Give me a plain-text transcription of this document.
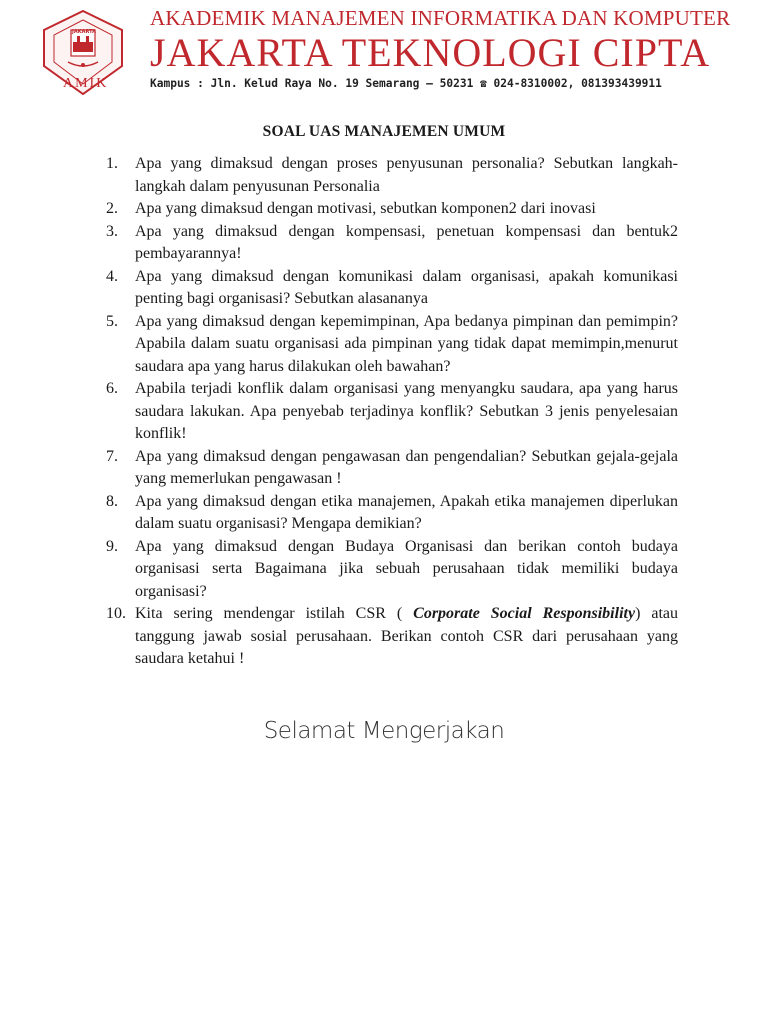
JAKARTA
AMIK
AKADEMIK MANAJEMEN INFORMATIKA DAN KOMPUTER
JAKARTA TEKNOLOGI CIPTA
Kampus : Jln. Kelud Raya No. 19 Semarang – 50231 ☎ 024-8310002, 081393439911
SOAL UAS MANAJEMEN UMUM
1.	Apa yang dimaksud dengan proses penyusunan personalia? Sebutkan langkah-langkah dalam penyusunan Personalia
2.	Apa yang dimaksud dengan motivasi, sebutkan komponen2 dari inovasi
3.	Apa yang dimaksud dengan kompensasi, penetuan kompensasi dan bentuk2 pembayarannya!
4.	Apa yang dimaksud dengan komunikasi dalam organisasi, apakah komunikasi penting bagi organisasi? Sebutkan alasananya
5.	Apa yang dimaksud dengan kepemimpinan, Apa bedanya pimpinan dan pemimpin? Apabila dalam suatu organisasi ada pimpinan yang tidak dapat memimpin,menurut saudara apa yang harus dilakukan oleh bawahan?
6.	Apabila terjadi konflik dalam organisasi yang menyangku saudara, apa yang harus saudara lakukan. Apa penyebab terjadinya konflik? Sebutkan 3 jenis penyelesaian konflik!
7.	Apa yang dimaksud dengan pengawasan dan pengendalian? Sebutkan gejala-gejala yang memerlukan pengawasan !
8.	Apa yang dimaksud dengan etika manajemen, Apakah etika manajemen diperlukan dalam suatu organisasi? Mengapa demikian?
9.	Apa yang dimaksud dengan Budaya Organisasi dan berikan contoh budaya organisasi serta Bagaimana jika sebuah perusahaan tidak memiliki budaya organisasi?
10. Kita sering mendengar istilah CSR ( Corporate Social Responsibility) atau tanggung jawab sosial perusahaan. Berikan contoh CSR dari perusahaan yang saudara ketahui !
Selamat Mengerjakan
